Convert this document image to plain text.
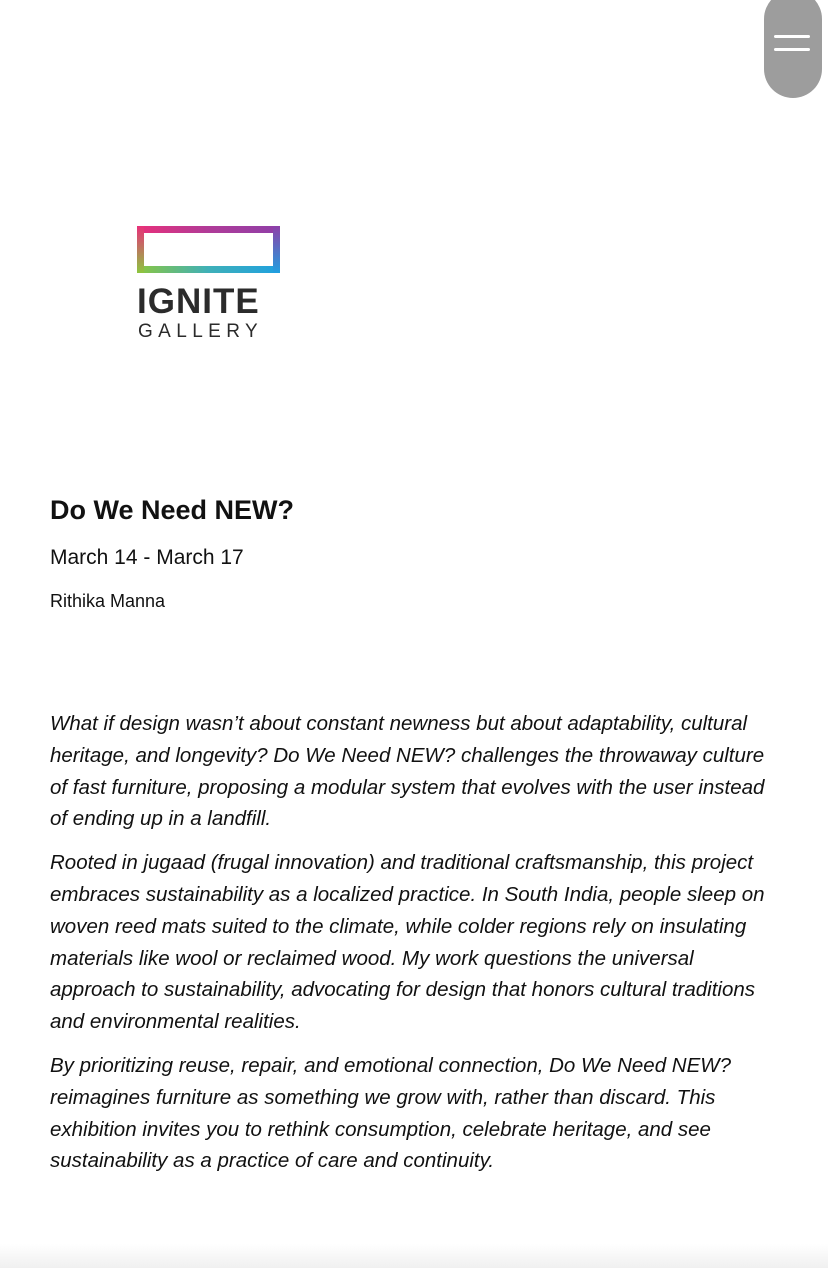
IGNITE
GALLERY
Do We Need NEW?
March 14 - March 17
Rithika Manna

What if design wasn’t about constant newness but about adaptability, cultural heritage, and longevity? Do We Need NEW? challenges the throwaway culture of fast furniture, proposing a modular system that evolves with the user instead of ending up in a landfill.

Rooted in jugaad (frugal innovation) and traditional craftsmanship, this project embraces sustainability as a localized practice. In South India, people sleep on woven reed mats suited to the climate, while colder regions rely on insulating materials like wool or reclaimed wood. My work questions the universal approach to sustainability, advocating for design that honors cultural traditions and environmental realities.

By prioritizing reuse, repair, and emotional connection, Do We Need NEW? reimagines furniture as something we grow with, rather than discard. This exhibition invites you to rethink consumption, celebrate heritage, and see sustainability as a practice of care and continuity.
